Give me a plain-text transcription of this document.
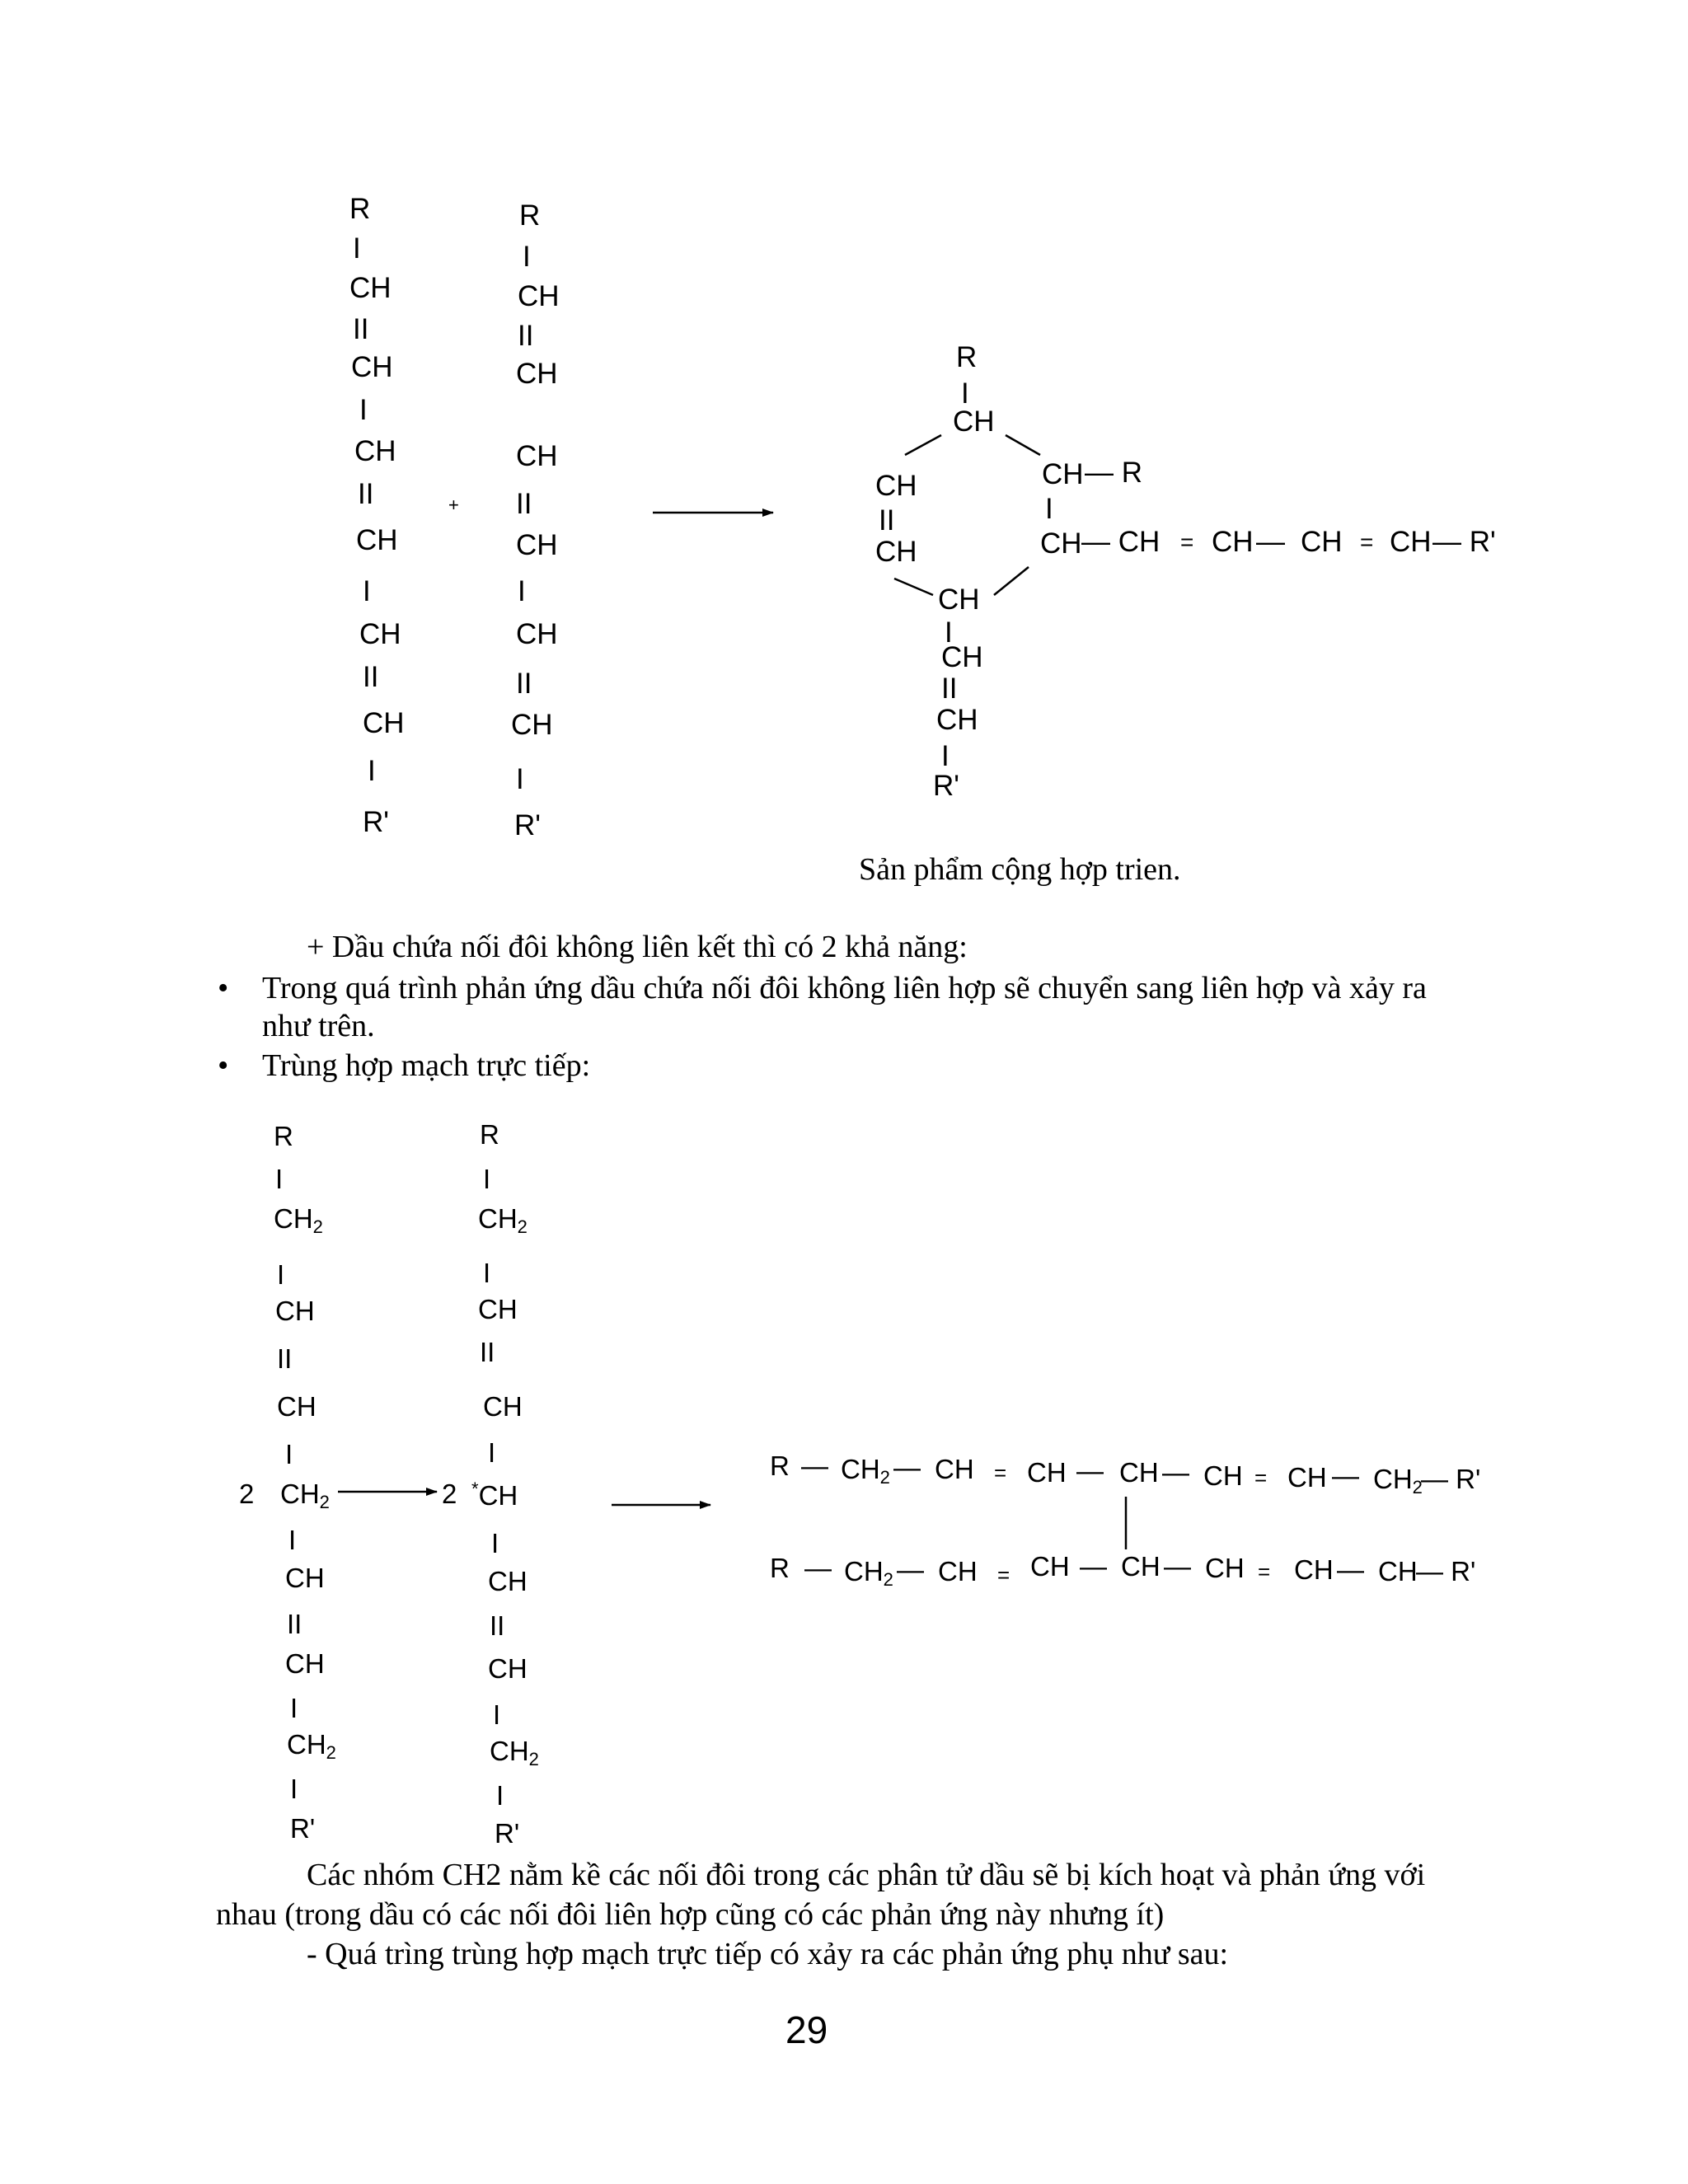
R
I
CH
II
CH
I
CH
II
CH
I
CH
II
CH
I
R'
+
R
I
CH
II
CH
CH
II
CH
I
CH
II
CH
I
R'
R
I
CH
CH
II
CH
CH — R
I
CH — CH = CH — CH = CH — R'
CH
I
CH
II
CH
I
R'
Sản phẩm cộng hợp trien.
+ Dầu chứa nối đôi không liên kết thì có 2 khả năng:
• Trong quá trình phản ứng dầu chứa nối đôi không liên hợp sẽ chuyển sang liên hợp và xảy ra
như trên.
• Trùng hợp mạch trực tiếp:
R
I
$CH_2$
I
CH
II
CH
I
2 $CH_2$
I
CH
II
CH
I
$CH_2$
I
R'
R
I
$CH_2$
I
CH
II
CH
I
2 *CH
I
CH
II
CH
I
$CH_2$
I
R'
R — $CH_2$ — CH = CH — CH — CH = CH — $CH_2$
— R'
R — $CH_2$ — CH = CH — CH — CH = CH — CH
— R'
Các nhóm CH2 nằm kề các nối đôi trong các phân tử dầu sẽ bị kích hoạt và phản ứng với
nhau (trong dầu có các nối đôi liên hợp cũng có các phản ứng này nhưng ít)
- Quá trìng trùng hợp mạch trực tiếp có xảy ra các phản ứng phụ như sau:
29
